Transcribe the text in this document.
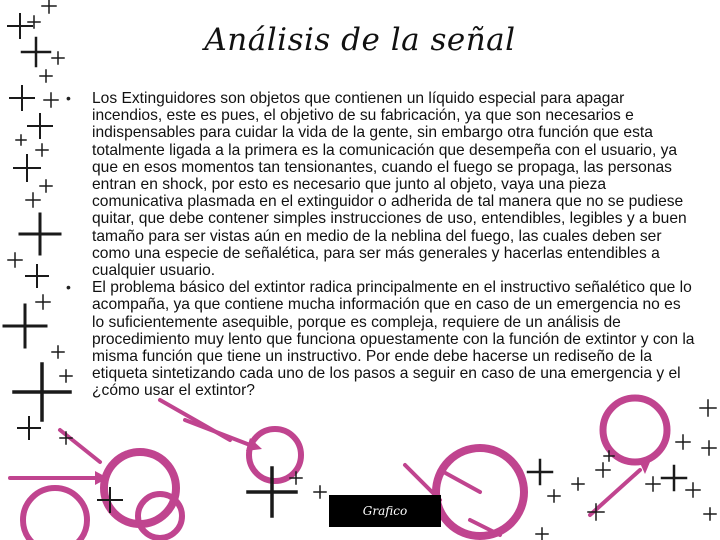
Análisis de la señal
• Los Extinguidores son objetos que contienen un líquido especial para apagar incendios, este es pues, el objetivo de su fabricación, ya que son necesarios e indispensables para cuidar la vida de la gente, sin embargo otra función que esta totalmente ligada a la primera es la comunicación que desempeña con el usuario, ya que en esos momentos tan tensionantes, cuando el fuego se propaga, las personas entran en shock, por esto es necesario que junto al objeto, vaya una pieza comunicativa plasmada en el extinguidor o adherida de tal manera que no se pudiese quitar, que debe contener simples instrucciones de uso, entendibles, legibles y a buen tamaño para ser vistas aún en medio de la neblina del fuego, las cuales deben ser como una especie de señalética, para ser más generales y hacerlas entendibles a cualquier usuario.
• El problema básico del extintor radica principalmente en el instructivo señalético que lo acompaña, ya que contiene mucha información que en caso de un emergencia no es lo suficientemente asequible, porque es compleja, requiere de un análisis de procedimiento muy lento que funciona opuestamente con la función de extintor y con la misma función que tiene un instructivo. Por ende debe hacerse un rediseño de la etiqueta sintetizando cada uno de los pasos a seguir en caso de una emergencia y el ¿cómo usar el extintor?
Grafico
